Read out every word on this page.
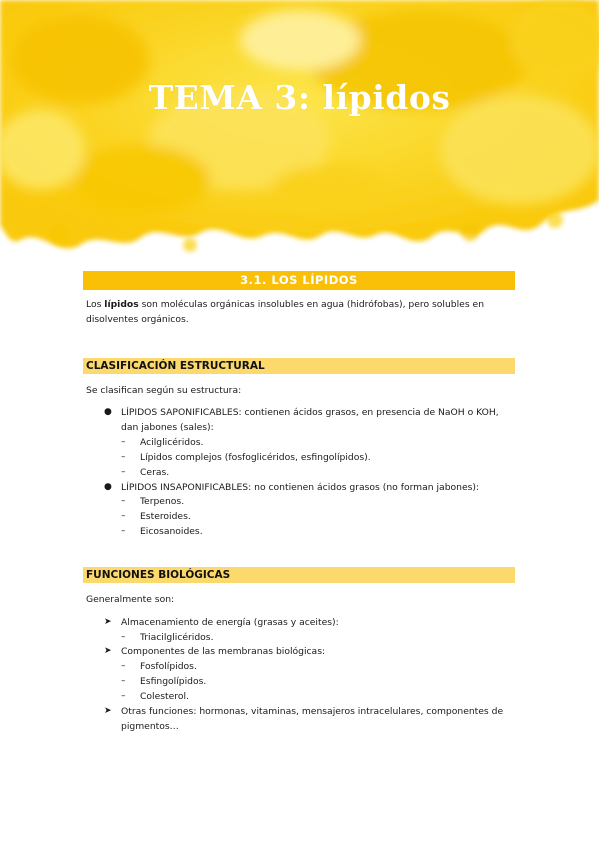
TEMA 3: lípidos
3.1. LOS LÍPIDOS
Los lípidos son moléculas orgánicas insolubles en agua (hidrófobas), pero solubles en disolventes orgánicos.
CLASIFICACIÓN ESTRUCTURAL
Se clasifican según su estructura:
● LÍPIDOS SAPONIFICABLES: contienen ácidos grasos, en presencia de NaOH o KOH, dan jabones (sales):
– Acilglicéridos.
– Lípidos complejos (fosfoglicéridos, esfingolípidos).
– Ceras.
● LÍPIDOS INSAPONIFICABLES: no contienen ácidos grasos (no forman jabones):
– Terpenos.
– Esteroides.
– Eicosanoides.
FUNCIONES BIOLÓGICAS
Generalmente son:
➤ Almacenamiento de energía (grasas y aceites):
– Triacilglicéridos.
➤ Componentes de las membranas biológicas:
– Fosfolípidos.
– Esfingolípidos.
– Colesterol.
➤ Otras funciones: hormonas, vitaminas, mensajeros intracelulares, componentes de pigmentos…
